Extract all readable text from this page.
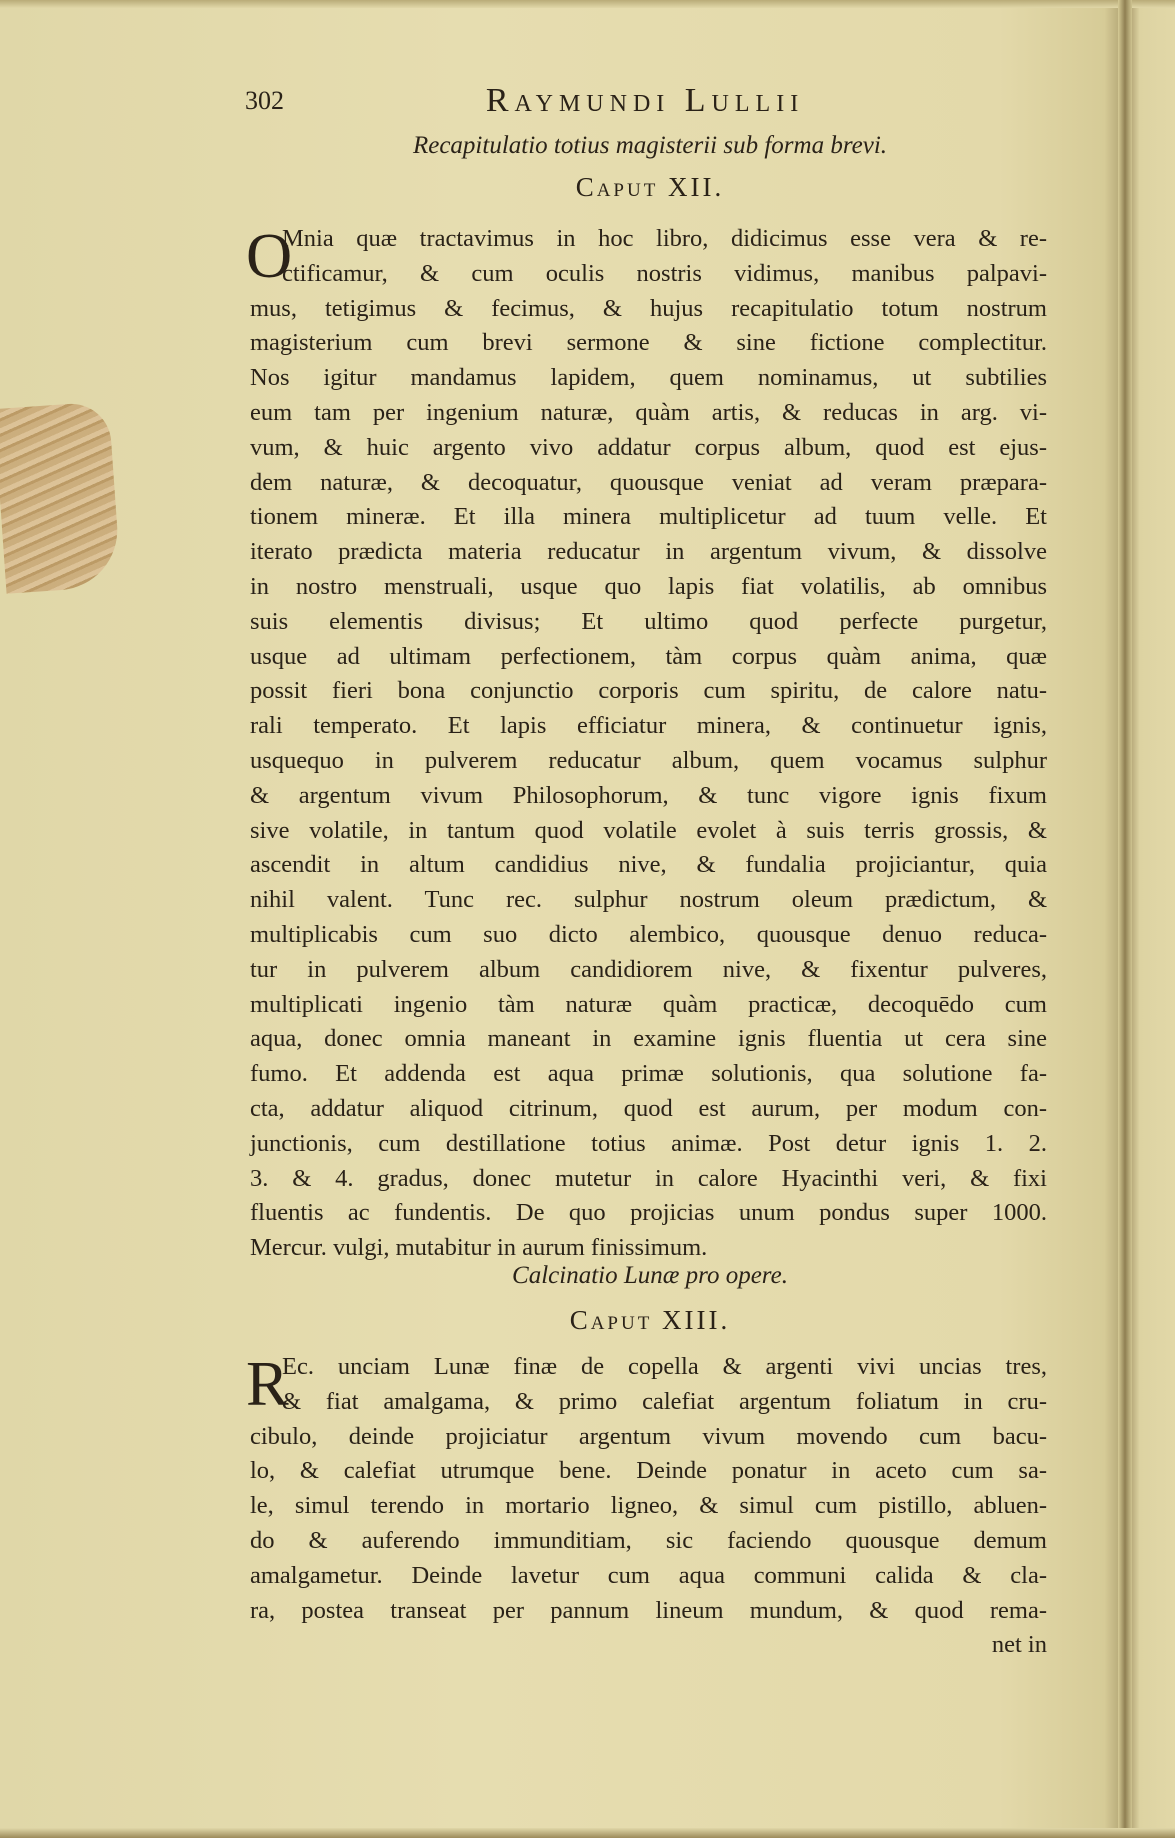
302	Raymundi Lullii
Recapitulatio totius magisterii sub forma brevi.
Caput XII.
O
Mnia quæ tractavimus in hoc libro, didicimus esse vera & re-
ctificamur, & cum oculis nostris vidimus, manibus palpavi-
mus, tetigimus & fecimus, & hujus recapitulatio totum nostrum
magisterium cum brevi sermone & sine fictione complectitur.
Nos igitur mandamus lapidem, quem nominamus, ut subtilies
eum tam per ingenium naturæ, quàm artis, & reducas in arg. vi-
vum, & huic argento vivo addatur corpus album, quod est ejus-
dem naturæ, & decoquatur, quousque veniat ad veram præpara-
tionem mineræ. Et illa minera multiplicetur ad tuum velle. Et
iterato prædicta materia reducatur in argentum vivum, & dissolve
in nostro menstruali, usque quo lapis fiat volatilis, ab omnibus
suis elementis divisus; Et ultimo quod perfecte purgetur,
usque ad ultimam perfectionem, tàm corpus quàm anima, quæ
possit fieri bona conjunctio corporis cum spiritu, de calore natu-
rali temperato. Et lapis efficiatur minera, & continuetur ignis,
usquequo in pulverem reducatur album, quem vocamus sulphur
& argentum vivum Philosophorum, & tunc vigore ignis fixum
sive volatile, in tantum quod volatile evolet à suis terris grossis, &
ascendit in altum candidius nive, & fundalia projiciantur, quia
nihil valent. Tunc rec. sulphur nostrum oleum prædictum, &
multiplicabis cum suo dicto alembico, quousque denuo reduca-
tur in pulverem album candidiorem nive, & fixentur pulveres,
multiplicati ingenio tàm naturæ quàm practicæ, decoquēdo cum
aqua, donec omnia maneant in examine ignis fluentia ut cera sine
fumo. Et addenda est aqua primæ solutionis, qua solutione fa-
cta, addatur aliquod citrinum, quod est aurum, per modum con-
junctionis, cum destillatione totius animæ. Post detur ignis 1. 2.
3. & 4. gradus, donec mutetur in calore Hyacinthi veri, & fixi
fluentis ac fundentis. De quo projicias unum pondus super 1000.
Mercur. vulgi, mutabitur in aurum finissimum.
Calcinatio Lunæ pro opere.
Caput XIII.
R
Ec. unciam Lunæ finæ de copella & argenti vivi uncias tres,
& fiat amalgama, & primo calefiat argentum foliatum in cru-
cibulo, deinde projiciatur argentum vivum movendo cum bacu-
lo, & calefiat utrumque bene. Deinde ponatur in aceto cum sa-
le, simul terendo in mortario ligneo, & simul cum pistillo, abluen-
do & auferendo immunditiam, sic faciendo quousque demum
amalgametur. Deinde lavetur cum aqua communi calida & cla-
ra, postea transeat per pannum lineum mundum, & quod rema-
net in
